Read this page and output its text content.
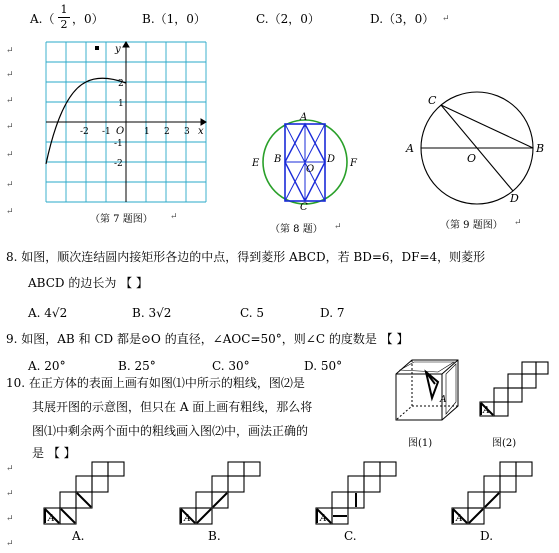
A.（
1
2 ，0）	B.（1，0）	C.（2，0）	D.（3，0） ↵
↵
↵
↵
↵
↵
↵
↵
↵
↵
↵
↵
y
x
O
-2 -1	1 2 3
2
1
-1
-2
（第 7 题图） ↵
A
B
C
D
E	F
O
（第 8 题） ↵
A	B
C
D
O
（第 9 题图） ↵
8. 如图，顺次连结圆内接矩形各边的中点，得到菱形 ABCD，若 BD=6，DF=4，则菱形
ABCD 的边长为 【 】
A. 4√2	B. 3√2	C. 5	D. 7
9. 如图，AB 和 CD 都是⊙O 的直径，∠AOC=50°，则∠C 的度数是 【 】
A. 20°	B. 25°	C. 30°	D. 50°
10. 在正方体的表面上画有如图⑴中所示的粗线，图⑵是
其展开图的示意图，但只在 A 面上画有粗线，那么将
图⑴中剩余两个面中的粗线画入图⑵中，画法正确的
是 【 】
A
图(1)
A
图(2)
A
A.
A
B.
A
C.
A
D.
